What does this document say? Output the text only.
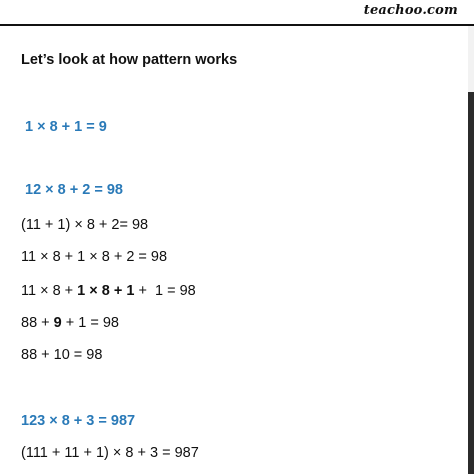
teachoo.com
Let’s look at how pattern works
1 × 8 + 1 = 9
12 × 8 + 2 = 98
(11 + 1) × 8 + 2= 98
11 × 8 + 1 × 8 + 2 = 98
11 × 8 + 1 × 8 + 1 +  1 = 98
88 + 9 + 1 = 98
88 + 10 = 98
123 × 8 + 3 = 987
(111 + 11 + 1) × 8 + 3 = 987
